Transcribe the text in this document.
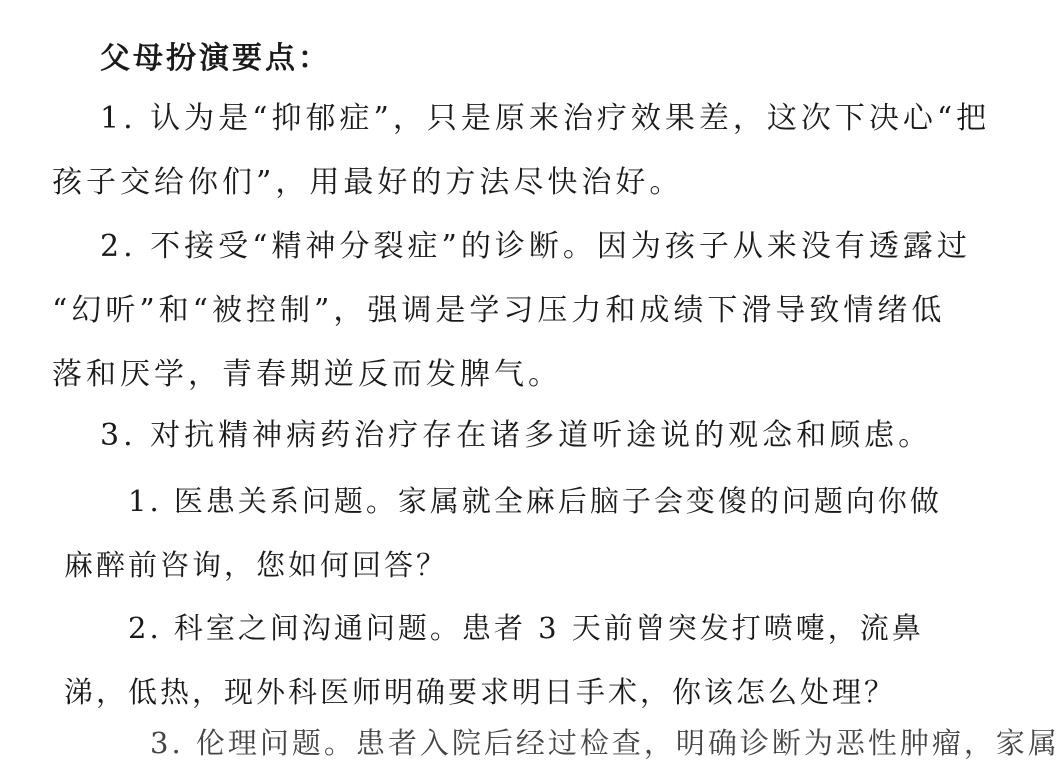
父母扮演要点：
1. 认为是“抑郁症”，只是原来治疗效果差，这次下决心“把
孩子交给你们”，用最好的方法尽快治好。
2. 不接受“精神分裂症”的诊断。因为孩子从来没有透露过
“幻听”和“被控制”，强调是学习压力和成绩下滑导致情绪低
落和厌学，青春期逆反而发脾气。
3. 对抗精神病药治疗存在诸多道听途说的观念和顾虑。
1. 医患关系问题。家属就全麻后脑子会变傻的问题向你做
麻醉前咨询，您如何回答？
2. 科室之间沟通问题。患者 3 天前曾突发打喷嚏，流鼻
涕，低热，现外科医师明确要求明日手术，你该怎么处理？
3. 伦理问题。患者入院后经过检查，明确诊断为恶性肿瘤，家属
